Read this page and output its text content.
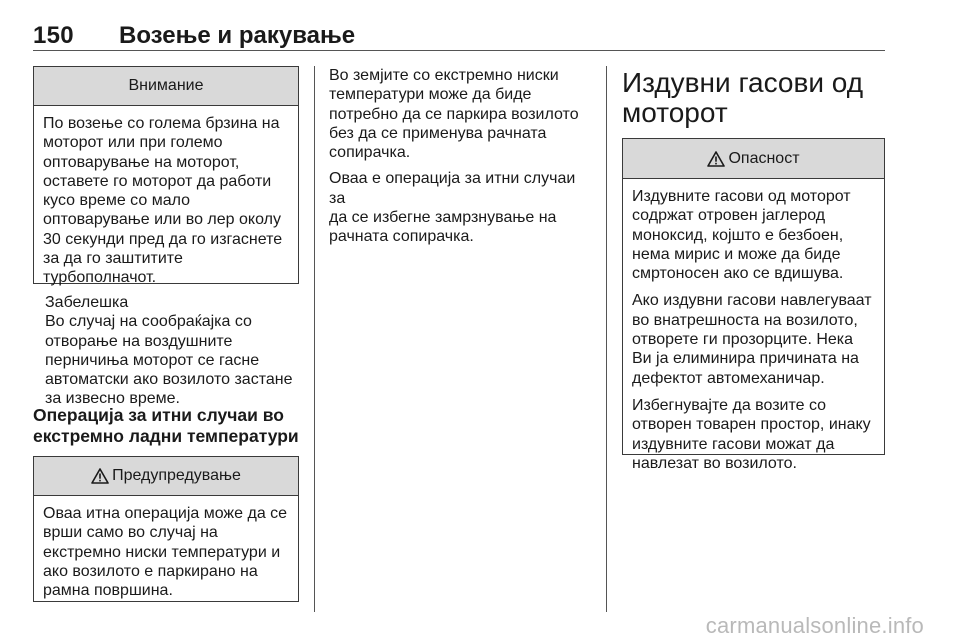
150 Возење и ракување
Внимание
По возење со голема брзина на
моторот или при големо
оптоварување на моторот,
оставете го моторот да работи
кусо време со мало
оптоварување или во лер околу
30 секунди пред да го изгаснете
за да го заштитите
турбополначот.
Забелешка
Во случај на сообраќајка со
отворање на воздушните
перничиња моторот се гасне
автоматски ако возилото застане
за извесно време.
Операција за итни случаи во
екстремно ладни температури
Предупредување
Оваа итна операција може да се
врши само во случај на
екстремно ниски температури и
ако возилото е паркирано на
рамна површина.

Во земјите со екстремно ниски
температури може да биде
потребно да се паркира возилото
без да се применува рачната
сопирачка.

Оваа е операција за итни случаи за
да се избегне замрзнување на
рачната сопирачка.

Издувни гасови од
моторот
Опасност

Издувните гасови од моторот
содржат отровен јаглерод
моноксид, којшто е безбоен,
нема мирис и може да биде
смртоносен ако се вдишува.

Ако издувни гасови навлегуваат
во внатрешноста на возилото,
отворете ги прозорците. Нека
Ви ја елиминира причината на
дефектот автомеханичар.

Избегнувајте да возите со
отворен товарен простор, инаку
издувните гасови можат да
навлезат во возилото.

carmanualsonline.info
